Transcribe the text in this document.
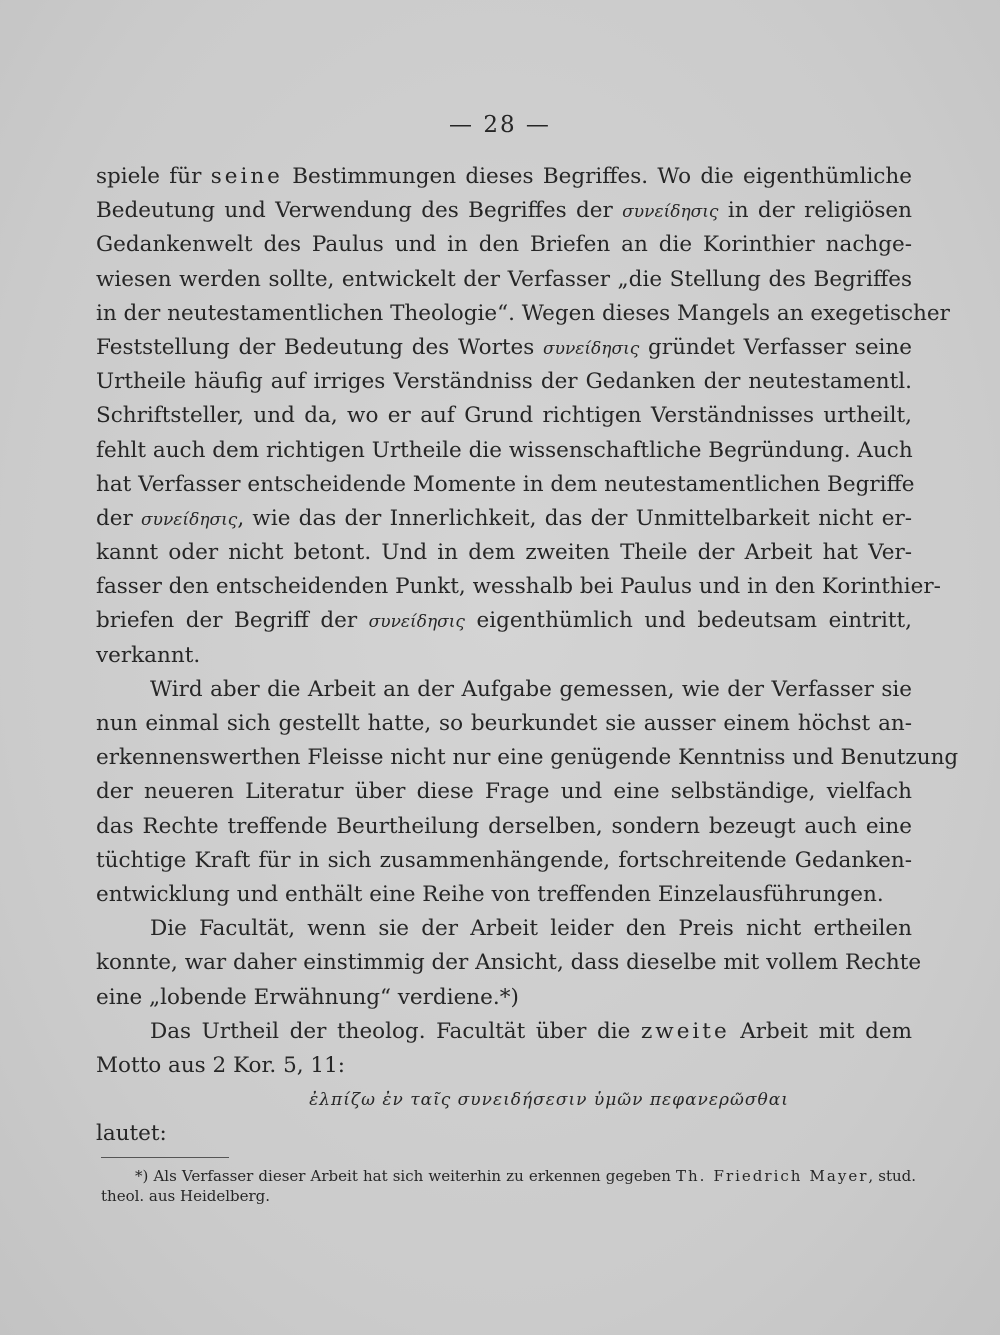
— 28 —
spiele für seine Bestimmungen dieses Begriffes. Wo die eigenthümliche
Bedeutung und Verwendung des Begriffes der συνείδησις in der religiösen
Gedankenwelt des Paulus und in den Briefen an die Korinthier nachge-
wiesen werden sollte, entwickelt der Verfasser „die Stellung des Begriffes
in der neutestamentlichen Theologie“. Wegen dieses Mangels an exegetischer
Feststellung der Bedeutung des Wortes συνείδησις gründet Verfasser seine
Urtheile häufig auf irriges Verständniss der Gedanken der neutestamentl.
Schriftsteller, und da, wo er auf Grund richtigen Verständnisses urtheilt,
fehlt auch dem richtigen Urtheile die wissenschaftliche Begründung. Auch
hat Verfasser entscheidende Momente in dem neutestamentlichen Begriffe
der συνείδησις, wie das der Innerlichkeit, das der Unmittelbarkeit nicht er-
kannt oder nicht betont. Und in dem zweiten Theile der Arbeit hat Ver-
fasser den entscheidenden Punkt, wesshalb bei Paulus und in den Korinthier-
briefen der Begriff der συνείδησις eigenthümlich und bedeutsam eintritt,
verkannt.
Wird aber die Arbeit an der Aufgabe gemessen, wie der Verfasser sie
nun einmal sich gestellt hatte, so beurkundet sie ausser einem höchst an-
erkennenswerthen Fleisse nicht nur eine genügende Kenntniss und Benutzung
der neueren Literatur über diese Frage und eine selbständige, vielfach
das Rechte treffende Beurtheilung derselben, sondern bezeugt auch eine
tüchtige Kraft für in sich zusammenhängende, fortschreitende Gedanken-
entwicklung und enthält eine Reihe von treffenden Einzelausführungen.
Die Facultät, wenn sie der Arbeit leider den Preis nicht ertheilen
konnte, war daher einstimmig der Ansicht, dass dieselbe mit vollem Rechte
eine „lobende Erwähnung“ verdiene.*)
Das Urtheil der theolog. Facultät über die zweite Arbeit mit dem
Motto aus 2 Kor. 5, 11:
ἐλπίζω ἐν ταῖς συνειδήσεσιν ὑμῶν πεφανερῶσθαι
lautet:
*) Als Verfasser dieser Arbeit hat sich weiterhin zu erkennen gegeben Th. Friedrich Mayer, stud.
theol. aus Heidelberg.
